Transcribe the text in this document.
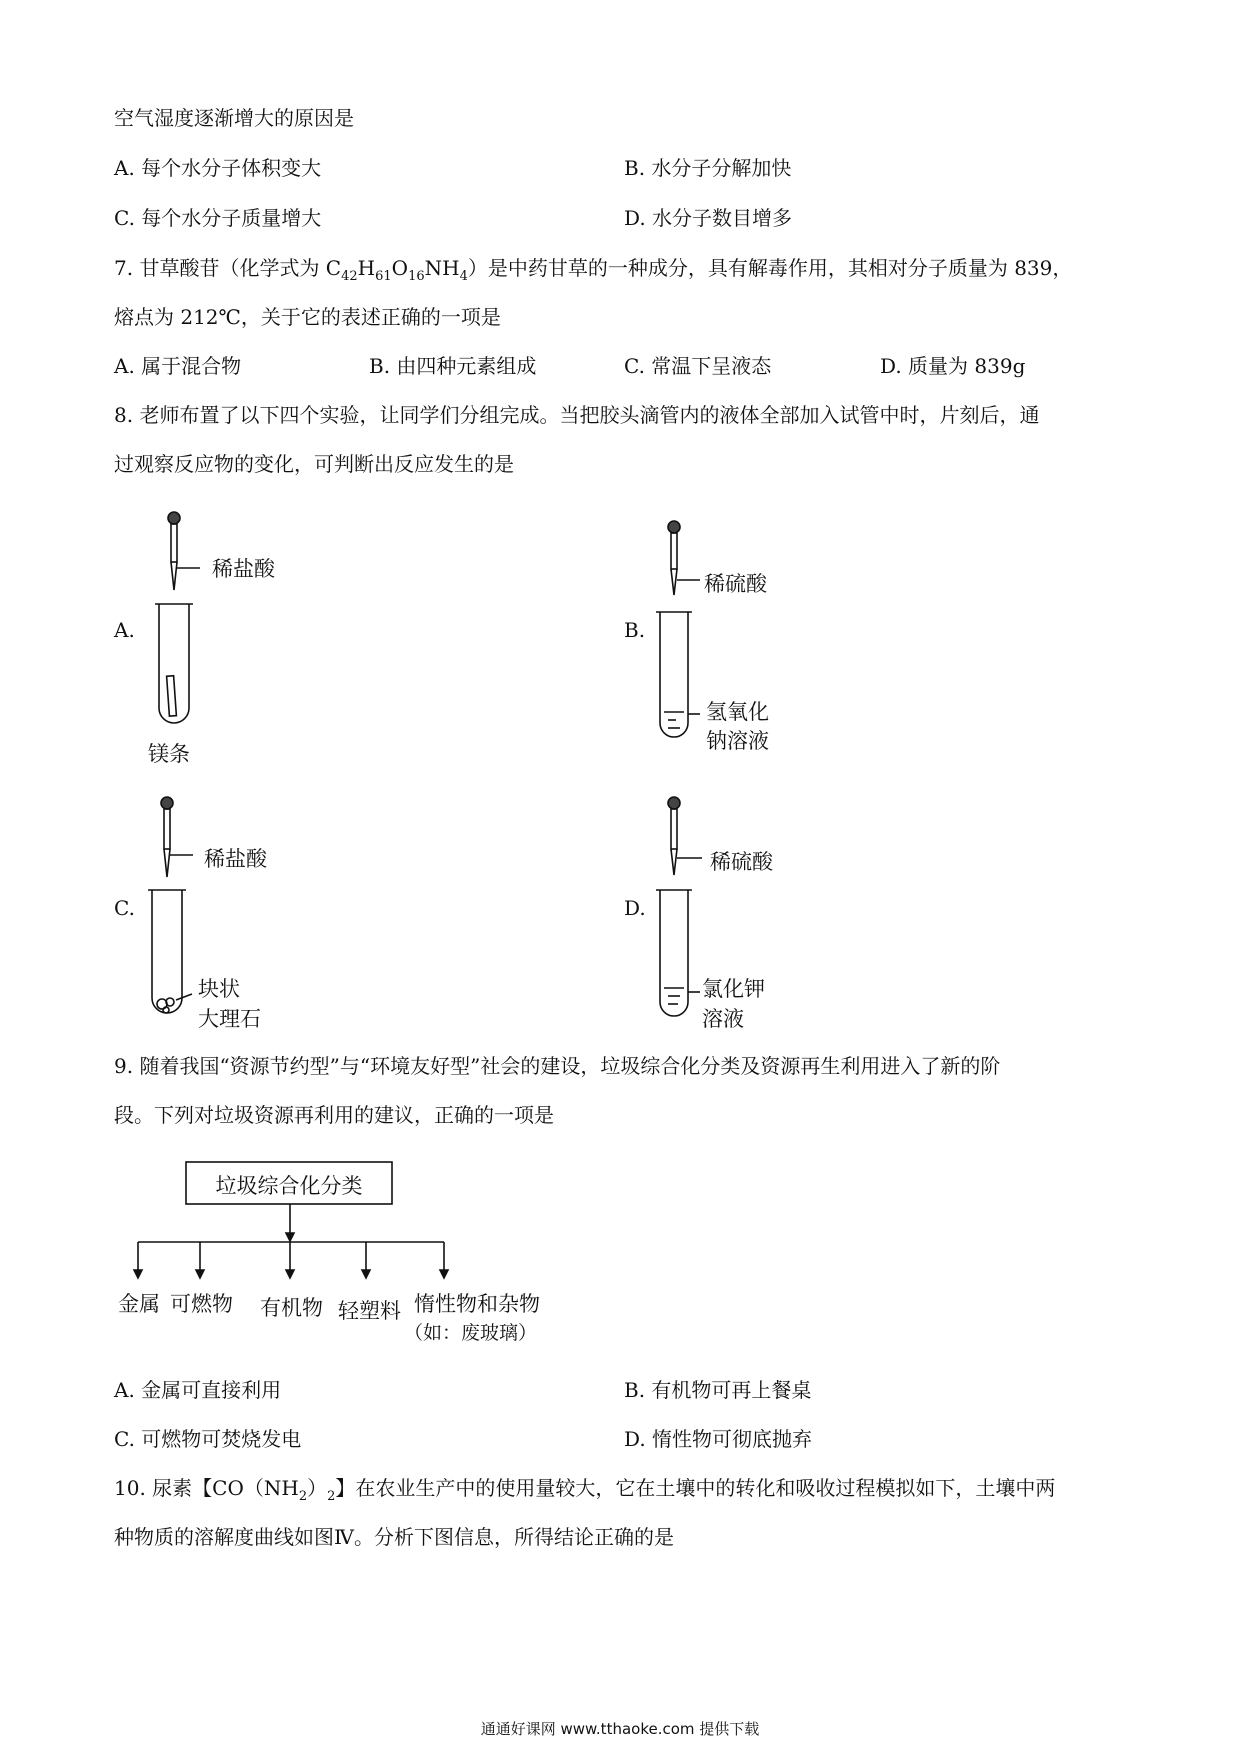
空气湿度逐渐增大的原因是
A. 每个水分子体积变大	B. 水分子分解加快
C. 每个水分子质量增大	D. 水分子数目增多
7. 甘草酸苷（化学式为 $C_{42}H_{61}O_{16}NH_4$）是中药甘草的一种成分，具有解毒作用，其相对分子质量为 839，
熔点为 212℃，关于它的表述正确的一项是
A. 属于混合物	B. 由四种元素组成	C. 常温下呈液态	D. 质量为 839g
8. 老师布置了以下四个实验，让同学们分组完成。当把胶头滴管内的液体全部加入试管中时，片刻后，通
过观察反应物的变化，可判断出反应发生的是
A.
稀盐酸
镁条
B.
稀硫酸
氢氧化
钠溶液
C.
稀盐酸
块状
大理石
D.
稀硫酸
氯化钾
溶液
9. 随着我国“资源节约型”与“环境友好型”社会的建设，垃圾综合化分类及资源再生利用进入了新的阶
段。下列对垃圾资源再利用的建议，正确的一项是
垃圾综合化分类
金属 可燃物 有机物 轻塑料 惰性物和杂物
（如：废玻璃）
A. 金属可直接利用	B. 有机物可再上餐桌
C. 可燃物可焚烧发电	D. 惰性物可彻底抛弃
10. 尿素【$CO(NH_2)_2$】在农业生产中的使用量较大，它在土壤中的转化和吸收过程模拟如下，土壤中两
种物质的溶解度曲线如图Ⅳ。分析下图信息，所得结论正确的是
通通好课网 www.tthaoke.com 提供下载
